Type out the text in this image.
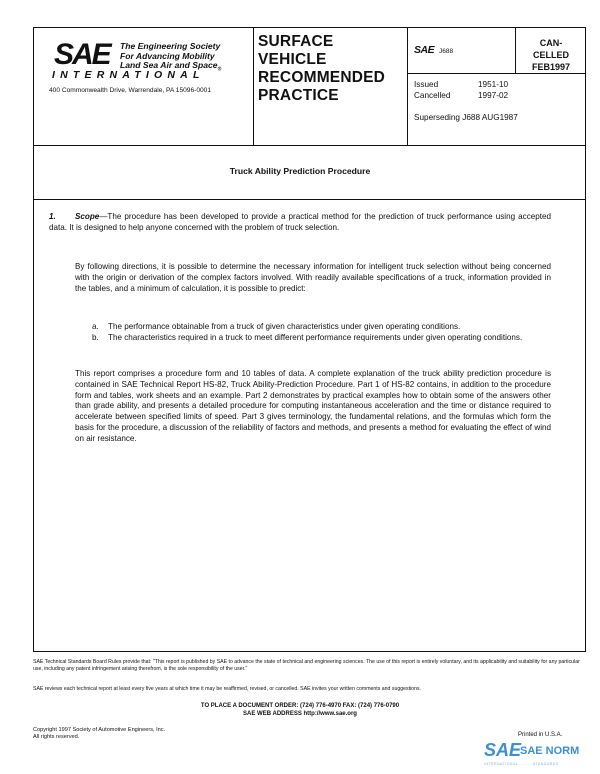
SAE The Engineering Society
For Advancing Mobility
Land Sea Air and Space$_®$
INTERNATIONAL
400 Commonwealth Drive, Warrendale, PA 15096-0001
SURFACE
VEHICLE
RECOMMENDED
PRACTICE
SAE J688
CAN-
CELLED
FEB1997
Issued	1951-10
Cancelled	1997-02
Superseding J688 AUG1987
Truck Ability Prediction Procedure
1. Scope—The procedure has been developed to provide a practical method for the prediction of truck performance using accepted data. It is designed to help anyone concerned with the problem of truck selection.
By following directions, it is possible to determine the necessary information for intelligent truck selection without being concerned with the origin or derivation of the complex factors involved. With readily available specifications of a truck, information provided in the tables, and a minimum of calculation, it is possible to predict:
a. The performance obtainable from a truck of given characteristics under given operating conditions.
b. The characteristics required in a truck to meet different performance requirements under given operating conditions.
This report comprises a procedure form and 10 tables of data. A complete explanation of the truck ability prediction procedure is contained in SAE Technical Report HS-82, Truck Ability-Prediction Procedure. Part 1 of HS-82 contains, in addition to the procedure form and tables, work sheets and an example. Part 2 demonstrates by practical examples how to obtain some of the answers other than grade ability, and presents a detailed procedure for computing instantaneous acceleration and the time or distance required to accelerate between specified limits of speed. Part 3 gives terminology, the fundamental relations, and the formulas which form the basis for the procedure, a discussion of the reliability of factors and methods, and presents a method for evaluating the effect of wind on air resistance.
SAE Technical Standards Board Rules provide that: "This report is published by SAE to advance the state of technical and engineering sciences. The use of this report is entirely voluntary, and its applicability and suitability for any particular use, including any patent infringement arising therefrom, is the sole responsibility of the user."
SAE reviews each technical report at least every five years at which time it may be reaffirmed, revised, or cancelled. SAE invites your written comments and suggestions.
TO PLACE A DOCUMENT ORDER: (724) 776-4970 FAX: (724) 776-0790
SAE WEB ADDRESS http://www.sae.org
Copyright 1997 Society of Automotive Engineers, Inc.
All rights reserved.	Printed in U.S.A.
SAE
SAE NORM
INTERNATIONAL ........ STANDARDS
